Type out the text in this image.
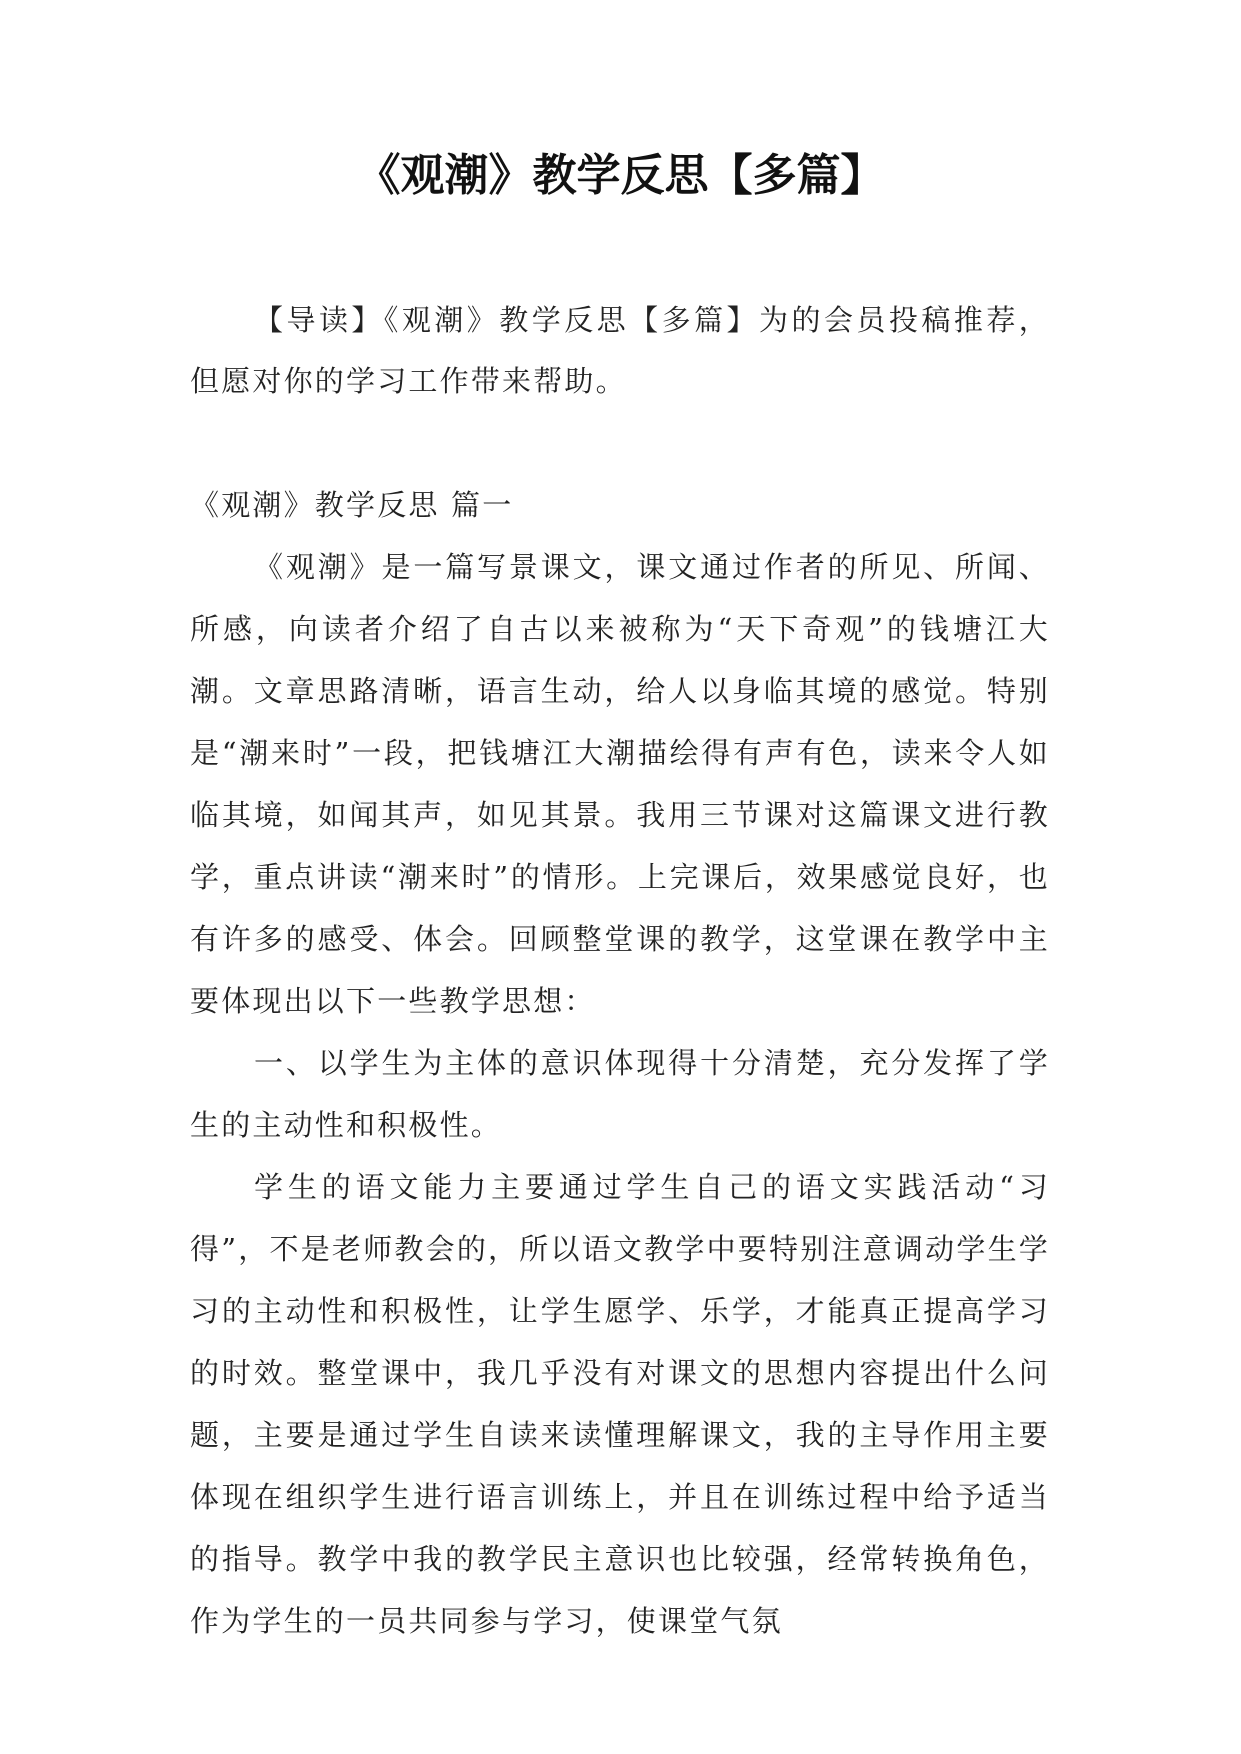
《观潮》教学反思【多篇】

【导读】《观潮》教学反思【多篇】为的会员投稿推荐，但愿对你的学习工作带来帮助。

《观潮》教学反思 篇一

《观潮》是一篇写景课文，课文通过作者的所见、所闻、所感，向读者介绍了自古以来被称为“天下奇观”的钱塘江大潮。文章思路清晰，语言生动，给人以身临其境的感觉。特别是“潮来时”一段，把钱塘江大潮描绘得有声有色，读来令人如临其境，如闻其声，如见其景。我用三节课对这篇课文进行教学，重点讲读“潮来时”的情形。上完课后，效果感觉良好，也有许多的感受、体会。回顾整堂课的教学，这堂课在教学中主要体现出以下一些教学思想：

一、以学生为主体的意识体现得十分清楚，充分发挥了学生的主动性和积极性。

学生的语文能力主要通过学生自己的语文实践活动“习得”，不是老师教会的，所以语文教学中要特别注意调动学生学习的主动性和积极性，让学生愿学、乐学，才能真正提高学习的时效。整堂课中，我几乎没有对课文的思想内容提出什么问题，主要是通过学生自读来读懂理解课文，我的主导作用主要体现在组织学生进行语言训练上，并且在训练过程中给予适当的指导。教学中我的教学民主意识也比较强，经常转换角色，作为学生的一员共同参与学习，使课堂气氛
